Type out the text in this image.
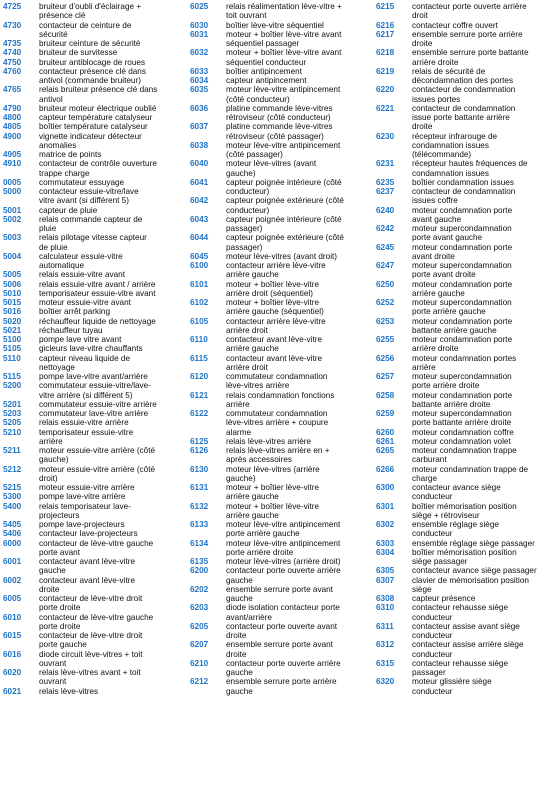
4725	bruiteur d'oubli d'éclairage +
présence clé
4730	contacteur de ceinture de
sécurité
4735	bruiteur ceinture de sécurité
4740	bruiteur de survitesse
4750	bruiteur antiblocage de roues
4760	contacteur présence clé dans
antivol (commande bruiteur)
4765	relais bruiteur présence clé dans
antivol
4790	bruiteur moteur électrique oublié
4800	capteur température catalyseur
4805	boîtier température catalyseur
4900	vignette indicateur détecteur
anomalies
4905	matrice de points
4910	contacteur de contrôle ouverture
trappe charge
0005	commutateur essuyage
5000	contacteur essuie-vitre/lave
vitre avant (si différent 5)
5001	capteur de pluie
5002	relais commande capteur de
pluie
5003	relais pilotage vitesse capteur
de pluie
5004	calculateur essuie-vitre
automatique
5005	relais essuie-vitre avant
5006	relais essuie-vitre avant / arrière
5010	temporisateur essuie-vitre avant
5015	moteur essuie-vitre avant
5016	boîtier arrêt parking
5020	réchauffeur liquide de nettoyage
5021	réchauffeur tuyau
5100	pompe lave vitre avant
5105	gicleurs lave-vitre chauffants
5110	capteur niveau liquide de
nettoyage
5115	pompe lave-vitre avant/arrière
5200	commutateur essuie-vitre/lave-
vitre arrière (si différent 5)
5201	commutateur essuie-vitre arrière
5203	commutateur lave-vitre arrière
5205	relais essuie-vitre arrière
5210	temporisateur essuie-vitre
arrière
5211	moteur essuie-vitre arrière (côté
gauche)
5212	moteur essuie-vitre arrière (côté
droit)
5215	moteur essuie-vitre arrière
5300	pompe lave-vitre arrière
5400	relais temporisateur lave-
projecteurs
5405	pompe lave-projecteurs
5406	contacteur lave-projecteurs
6000	contacteur de lève-vitre gauche
porte avant
6001	contacteur avant lève-vitre
gauche
6002	contacteur avant lève-vitre
droite
6005	contacteur de lève-vitre droit
porte droite
6010	contacteur de lève-vitre gauche
porte droite
6015	contacteur de lève-vitre droit
porte gauche
6016	diode circuit lève-vitres + toit
ouvrant
6020	relais lève-vitres avant + toit
ouvrant
6021	relais lève-vitres
6025	relais réalimentation lève-vitre +
toit ouvrant
6030	boîtier lève-vitre séquentiel
6031	moteur + boîtier lève-vitre avant
séquentiel passager
6032	moteur + boîtier lève-vitre avant
séquentiel conducteur
6033	boîtier antipincement
6034	capteur antipincement
6035	moteur lève-vitre antipincement
(côté conducteur)
6036	platine commande lève-vitres
rétroviseur (côté conducteur)
6037	platine commande lève-vitres
rétroviseur (côté passager)
6038	moteur lève-vitre antipincement
(côté passager)
6040	moteur lève-vitres (avant
gauche)
6041	capteur poignée intérieure (côté
conducteur)
6042	capteur poignée extérieure (côté
conducteur)
6043	capteur poignée intérieure (côté
passager)
6044	capteur poignée extérieure (côté
passager)
6045	moteur lève-vitres (avant droit)
6100	contacteur arrière lève-vitre
arrière gauche
6101	moteur + boîtier lève-vitre
arrière droit (séquentiel)
6102	moteur + boîtier lève-vitre
arrière gauche (séquentiel)
6105	contacteur arrière lève-vitre
arrière droit
6110	contacteur avant lève-vitre
arrière gauche
6115	contacteur avant lève-vitre
arrière droit
6120	commutateur condamnation
lève-vitres arrière
6121	relais condamnation fonctions
arrière
6122	commutateur condamnation
lève-vitres arrière + coupure
alarme
6125	relais lève-vitres arrière
6126	relais lève-vitres arrière en +
après accessoires
6130	moteur lève-vitres (arrière
gauche)
6131	moteur + boîtier lève-vitre
arrière gauche
6132	moteur + boîtier lève-vitre
arrière gauche
6133	moteur lève-vitre antipincement
porte arrière gauche
6134	moteur lève-vitre antipincement
porte arrière droite
6135	moteur lève-vitres (arrière droit)
6200	contacteur porte ouverte arrière
gauche
6202	ensemble serrure porte avant
gauche
6203	diode isolation contacteur porte
avant/arrière
6205	contacteur porte ouverte avant
droite
6207	ensemble serrure porte avant
droite
6210	contacteur porte ouverte arrière
gauche
6212	ensemble serrure porte arrière
gauche
6215	contacteur porte ouverte arrière
droit
6216	contacteur coffre ouvert
6217	ensemble serrure porte arrière
droite
6218	ensemble serrure porte battante
arrière droite
6219	relais de sécurité de
décondamnation des portes
6220	contacteur de condamnation
issues portes
6221	contacteur de condamnation
issue porte battante arrière
droite
6230	récepteur infrarouge de
condamnation issues
(télécommande)
6231	récepteur hautes fréquences de
condamnation issues
6235	boîtier condamnation issues
6237	contacteur de condamnation
issues coffre
6240	moteur condamnation porte
avant gauche
6242	moteur supercondamnation
porte avant gauche
6245	moteur condamnation porte
avant droite
6247	moteur supercondamnation
porte avant droite
6250	moteur condamnation porte
arrière gauche
6252	moteur supercondamnation
porte arrière gauche
6253	moteur condamnation porte
battante arrière gauche
6255	moteur condamnation porte
arrière droite
6256	moteur condamnation portes
arrière
6257	moteur supercondamnation
porte arrière droite
6258	moteur condamnation porte
battante arrière droite
6259	moteur supercondamnation
porte battante arrière droite
6260	moteur condamnation coffre
6261	moteur condamnation volet
6265	moteur condamnation trappe
carburant
6266	moteur condamnation trappe de
charge
6300	contacteur avance siège
conducteur
6301	boîtier mémorisation position
siège + rétroviseur
6302	ensemble réglage siège
conducteur
6303	ensemble réglage siège passager
6304	boîtier mémorisation position
siège passager
6305	contacteur avance siège passager
6307	clavier de mémorisation position
siège
6308	capteur présence
6310	contacteur rehausse siège
conducteur
6311	contacteur assise avant siège
conducteur
6312	contacteur assise arrière siège
conducteur
6315	contacteur rehausse siège
passager
6320	moteur glissière siège
conducteur
